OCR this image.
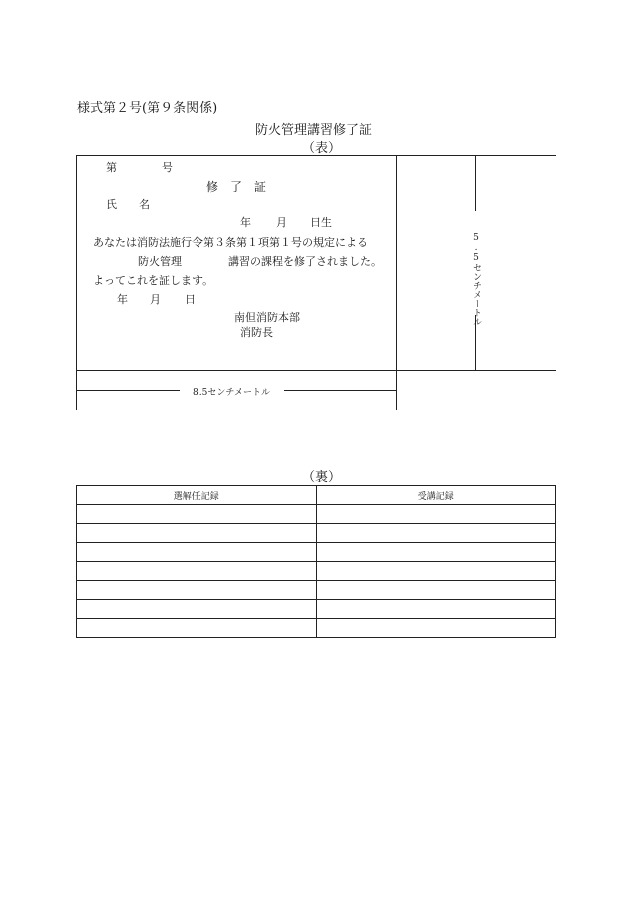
様式第２号(第９条関係)
防火管理講習修了証
（表）
第	号
修　了　証
氏　　名
年 月 日生
あなたは消防法施行令第３条第１項第１号の規定による
防火管理	講習の課程を修了されました。
よってこれを証します。
年 月 日
南但消防本部
消防長
5.5センチメートル
8.5センチメートル
（裏）
選解任記録	受講記録
